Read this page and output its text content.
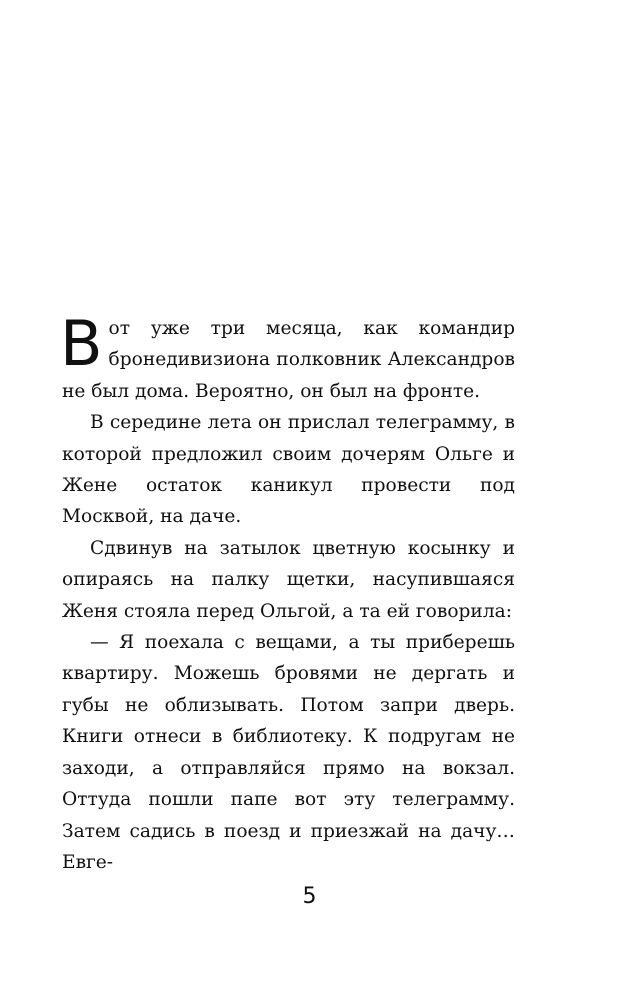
Вот уже три месяца, как командир бронедивизиона полковник Александров не был дома. Вероятно, он был на фронте.

В середине лета он прислал телеграмму, в которой предложил своим дочерям Ольге и Жене остаток каникул провести под Москвой, на даче.

Сдвинув на затылок цветную косынку и опираясь на палку щетки, насупившаяся Женя стояла перед Ольгой, а та ей говорила:

— Я поехала с вещами, а ты приберешь квартиру. Можешь бровями не дергать и губы не облизывать. Потом запри дверь. Книги отнеси в библиотеку. К подругам не заходи, а отправляйся прямо на вокзал. Оттуда пошли папе вот эту телеграмму. Затем садись в поезд и приезжай на дачу… Евге-

5
